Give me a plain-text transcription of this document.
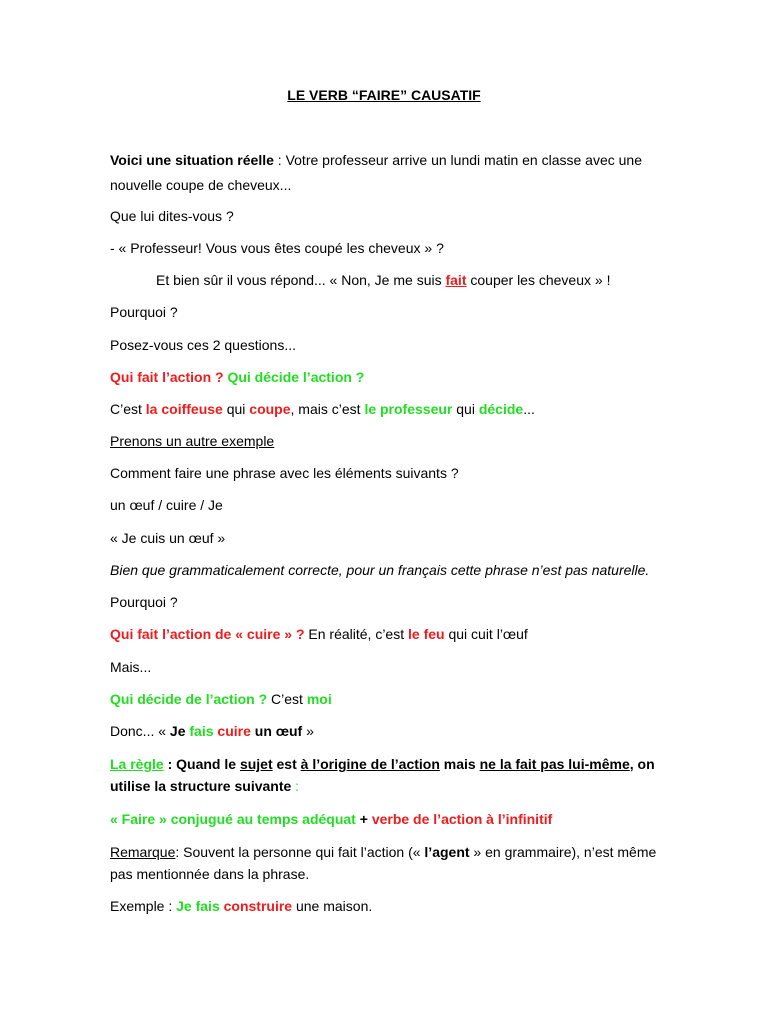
LE VERB “FAIRE” CAUSATIF
Voici une situation réelle : Votre professeur arrive un lundi matin en classe avec une
nouvelle coupe de cheveux...
Que lui dites-vous ?
- « Professeur! Vous vous êtes coupé les cheveux » ?
Et bien sûr il vous répond... « Non, Je me suis fait couper les cheveux » !
Pourquoi ?
Posez-vous ces 2 questions...
Qui fait l’action ? Qui décide l’action ?
C’est la coiffeuse qui coupe, mais c’est le professeur qui décide...
Prenons un autre exemple
Comment faire une phrase avec les éléments suivants ?
un œuf / cuire / Je
« Je cuis un œuf »
Bien que grammaticalement correcte, pour un français cette phrase n’est pas naturelle.
Pourquoi ?
Qui fait l’action de « cuire » ? En réalité, c’est le feu qui cuit l’œuf
Mais...
Qui décide de l’action ? C’est moi
Donc... « Je fais cuire un œuf »
La règle : Quand le sujet est à l’origine de l’action mais ne la fait pas lui-même, on
utilise la structure suivante :
« Faire » conjugué au temps adéquat + verbe de l’action à l’infinitif
Remarque: Souvent la personne qui fait l’action (« l’agent » en grammaire), n’est même
pas mentionnée dans la phrase.
Exemple : Je fais construire une maison.
